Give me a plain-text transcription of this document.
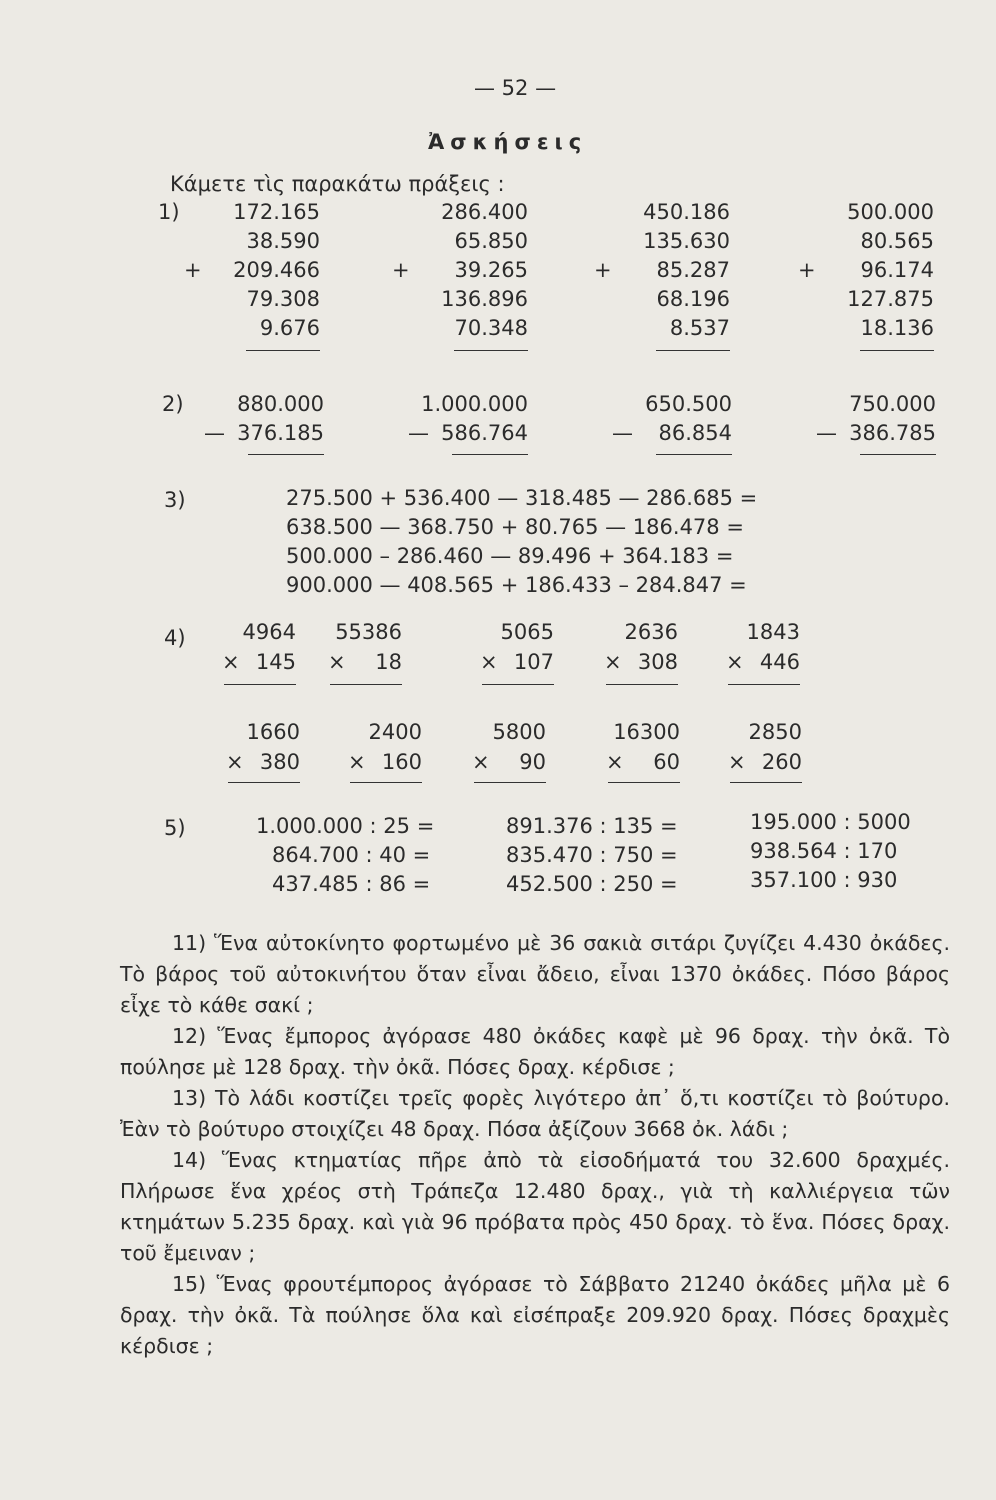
— 52 —
Ἀσκήσεις
Κάμετε τὶς παρακάτω πράξεις :
1)
2)
3)	275.500 + 536.400 — 318.485 — 286.685 =
638.500 — 368.750 + 80.765 — 186.478 =
500.000 – 286.460 — 89.496 + 364.183 =
900.000 — 408.565 + 186.433 – 284.847 =
4)
5)	1.000.000 : 25 =
864.700 : 40 =
437.485 : 86 =
891.376 : 135 =
835.470 : 750 =
452.500 : 250 =
195.000 : 5000
938.564 : 170
357.100 : 930

11) Ἕνα αὐτοκίνητο φορτωμένο μὲ 36 σακιὰ σιτάρι ζυγίζει 4.430 ὀκάδες. Τὸ βάρος τοῦ αὐτοκινήτου ὅταν εἶναι ἄδειο, εἶναι 1370 ὀκάδες. Πόσο βάρος εἶχε τὸ κάθε σακί ;

12) Ἕνας ἔμπορος ἀγόρασε 480 ὀκάδες καφὲ μὲ 96 δραχ. τὴν ὀκᾶ. Τὸ πούλησε μὲ 128 δραχ. τὴν ὀκᾶ. Πόσες δραχ. κέρδισε ;

13) Τὸ λάδι κοστίζει τρεῖς φορὲς λιγότερο ἀπ᾽ ὅ,τι κοστίζει τὸ βούτυρο. Ἐὰν τὸ βούτυρο στοιχίζει 48 δραχ. Πόσα ἀξίζουν 3668 ὀκ. λάδι ;

14) Ἕνας κτηματίας πῆρε ἀπὸ τὰ εἰσοδήματά του 32.600 δραχμές. Πλήρωσε ἕνα χρέος στὴ Τράπεζα 12.480 δραχ., γιὰ τὴ καλλιέργεια τῶν κτημάτων 5.235 δραχ. καὶ γιὰ 96 πρόβατα πρὸς 450 δραχ. τὸ ἕνα. Πόσες δραχ. τοῦ ἔμειναν ;

15) Ἕνας φρουτέμπορος ἀγόρασε τὸ Σάββατο 21240 ὀκάδες μῆλα μὲ 6 δραχ. τὴν ὀκᾶ. Τὰ πούλησε ὅλα καὶ εἰσέπραξε 209.920 δραχ. Πόσες δραχμὲς κέρδισε ;

172.165
38.590
209.466
79.308
9.676
+
286.400
65.850
39.265
136.896
70.348
+
450.186
135.630
85.287
68.196
8.537
+
500.000
80.565
96.174
127.875
18.136
+
880.000
376.185
—
1.000.000
586.764
—
650.500
86.854
—
750.000
386.785
—
4964
145
×
55386
18
×
5065
107
×
2636
308
×
1843
446
×
1660
380
×
2400
160
×
5800
90
×
16300
60
×
2850
260
×
